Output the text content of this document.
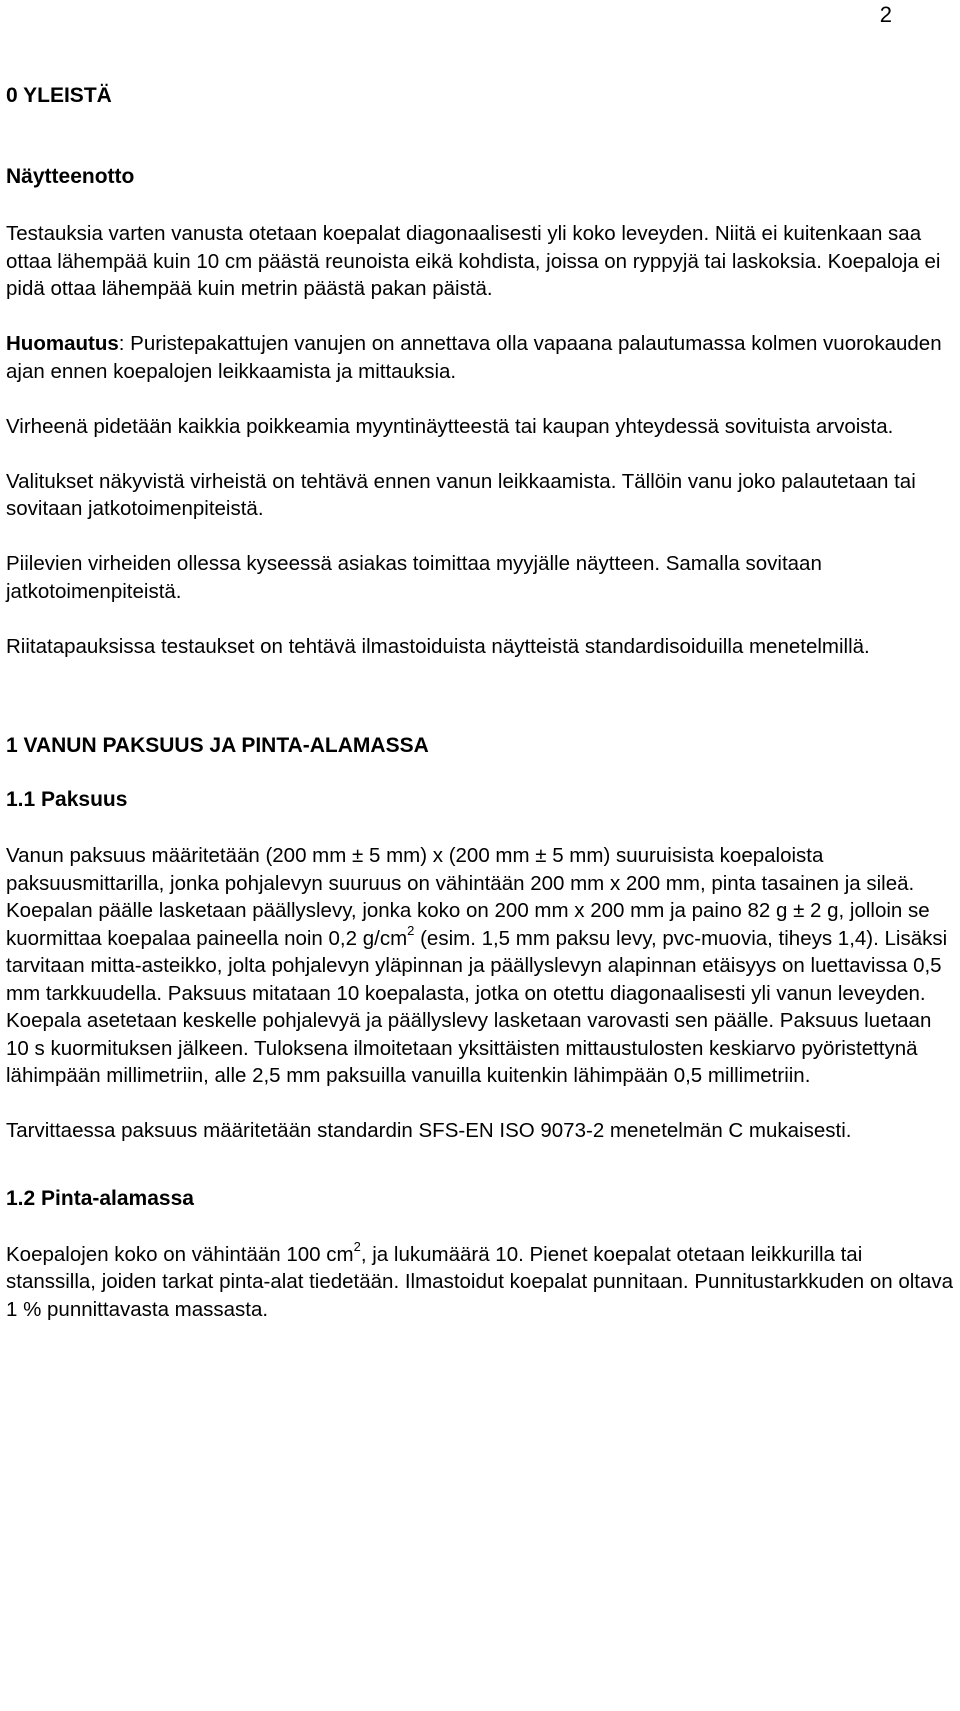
2
0 YLEISTÄ
Näytteenotto

Testauksia varten vanusta otetaan koepalat diagonaalisesti yli koko leveyden. Niitä ei kuitenkaan saa ottaa lähempää kuin 10 cm päästä reunoista eikä kohdista, joissa on ryppyjä tai laskoksia. Koepaloja ei pidä ottaa lähempää kuin metrin päästä pakan päistä.

Huomautus: Puristepakattujen vanujen on annettava olla vapaana palautumassa kolmen vuorokauden ajan ennen koepalojen leikkaamista ja mittauksia.

Virheenä pidetään kaikkia poikkeamia myyntinäytteestä tai kaupan yhteydessä sovituista arvoista.

Valitukset näkyvistä virheistä on tehtävä ennen vanun leikkaamista. Tällöin vanu joko palautetaan tai sovitaan jatkotoimenpiteistä.

Piilevien virheiden ollessa kyseessä asiakas toimittaa myyjälle näytteen. Samalla sovitaan jatkotoimenpiteistä.

Riitatapauksissa testaukset on tehtävä ilmastoiduista näytteistä standardisoiduilla menetelmillä.

1 VANUN PAKSUUS JA PINTA-ALAMASSA
1.1 Paksuus

Vanun paksuus määritetään (200 mm ± 5 mm) x (200 mm ± 5 mm) suuruisista koepaloista paksuusmittarilla, jonka pohjalevyn suuruus on vähintään 200 mm x 200 mm, pinta tasainen ja sileä. Koepalan päälle lasketaan päällyslevy, jonka koko on 200 mm x 200 mm ja paino 82 g ± 2 g, jolloin se kuormittaa koepalaa paineella noin 0,2 $g/cm^2$ (esim. 1,5 mm paksu levy, pvc-muovia, tiheys 1,4). Lisäksi tarvitaan mitta-asteikko, jolta pohjalevyn yläpinnan ja päällyslevyn alapinnan etäisyys on luettavissa 0,5 mm tarkkuudella. Paksuus mitataan 10 koepalasta, jotka on otettu diagonaalisesti yli vanun leveyden. Koepala asetetaan keskelle pohjalevyä ja päällyslevy lasketaan varovasti sen päälle. Paksuus luetaan 10 s kuormituksen jälkeen. Tuloksena ilmoitetaan yksittäisten mittaustulosten keskiarvo pyöristettynä lähimpään millimetriin, alle 2,5 mm paksuilla vanuilla kuitenkin lähimpään 0,5 millimetriin.

Tarvittaessa paksuus määritetään standardin SFS-EN ISO 9073-2 menetelmän C mukaisesti.

1.2 Pinta-alamassa

Koepalojen koko on vähintään 100 $cm^2$, ja lukumäärä 10. Pienet koepalat otetaan leikkurilla tai stanssilla, joiden tarkat pinta-alat tiedetään. Ilmastoidut koepalat punnitaan. Punnitustarkkuden on oltava 1 % punnittavasta massasta.
